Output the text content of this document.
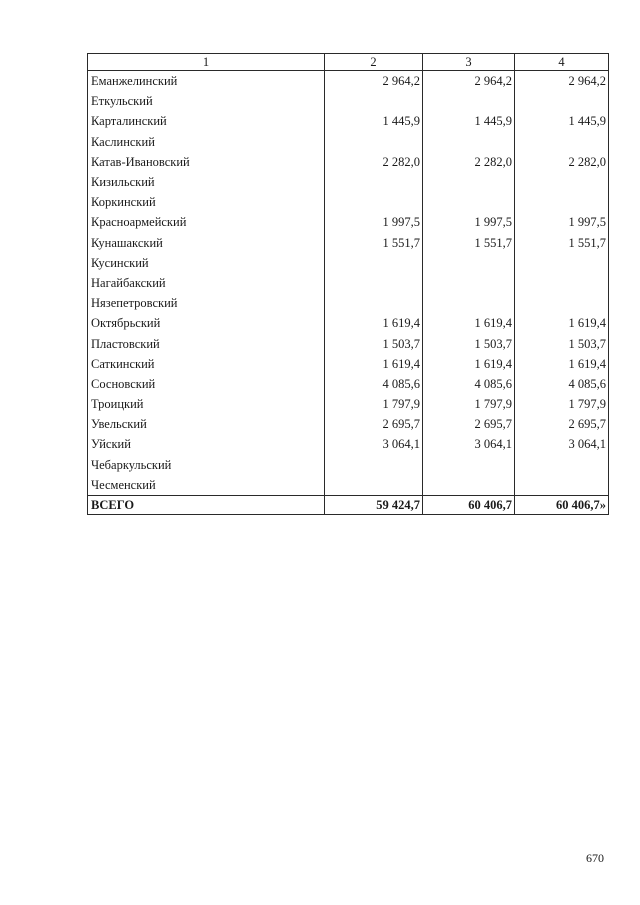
1	2	3	4
Еманжелинский	2 964,2	2 964,2	2 964,2
Еткульский			
Карталинский	1 445,9	1 445,9	1 445,9
Каслинский			
Катав-Ивановский	2 282,0	2 282,0	2 282,0
Кизильский			
Коркинский			
Красноармейский	1 997,5	1 997,5	1 997,5
Кунашакский	1 551,7	1 551,7	1 551,7
Кусинский			
Нагайбакский			
Нязепетровский			
Октябрьский	1 619,4	1 619,4	1 619,4
Пластовский	1 503,7	1 503,7	1 503,7
Саткинский	1 619,4	1 619,4	1 619,4
Сосновский	4 085,6	4 085,6	4 085,6
Троицкий	1 797,9	1 797,9	1 797,9
Увельский	2 695,7	2 695,7	2 695,7
Уйский	3 064,1	3 064,1	3 064,1
Чебаркульский			
Чесменский			
ВСЕГО	59 424,7	60 406,7	60 406,7»
670
